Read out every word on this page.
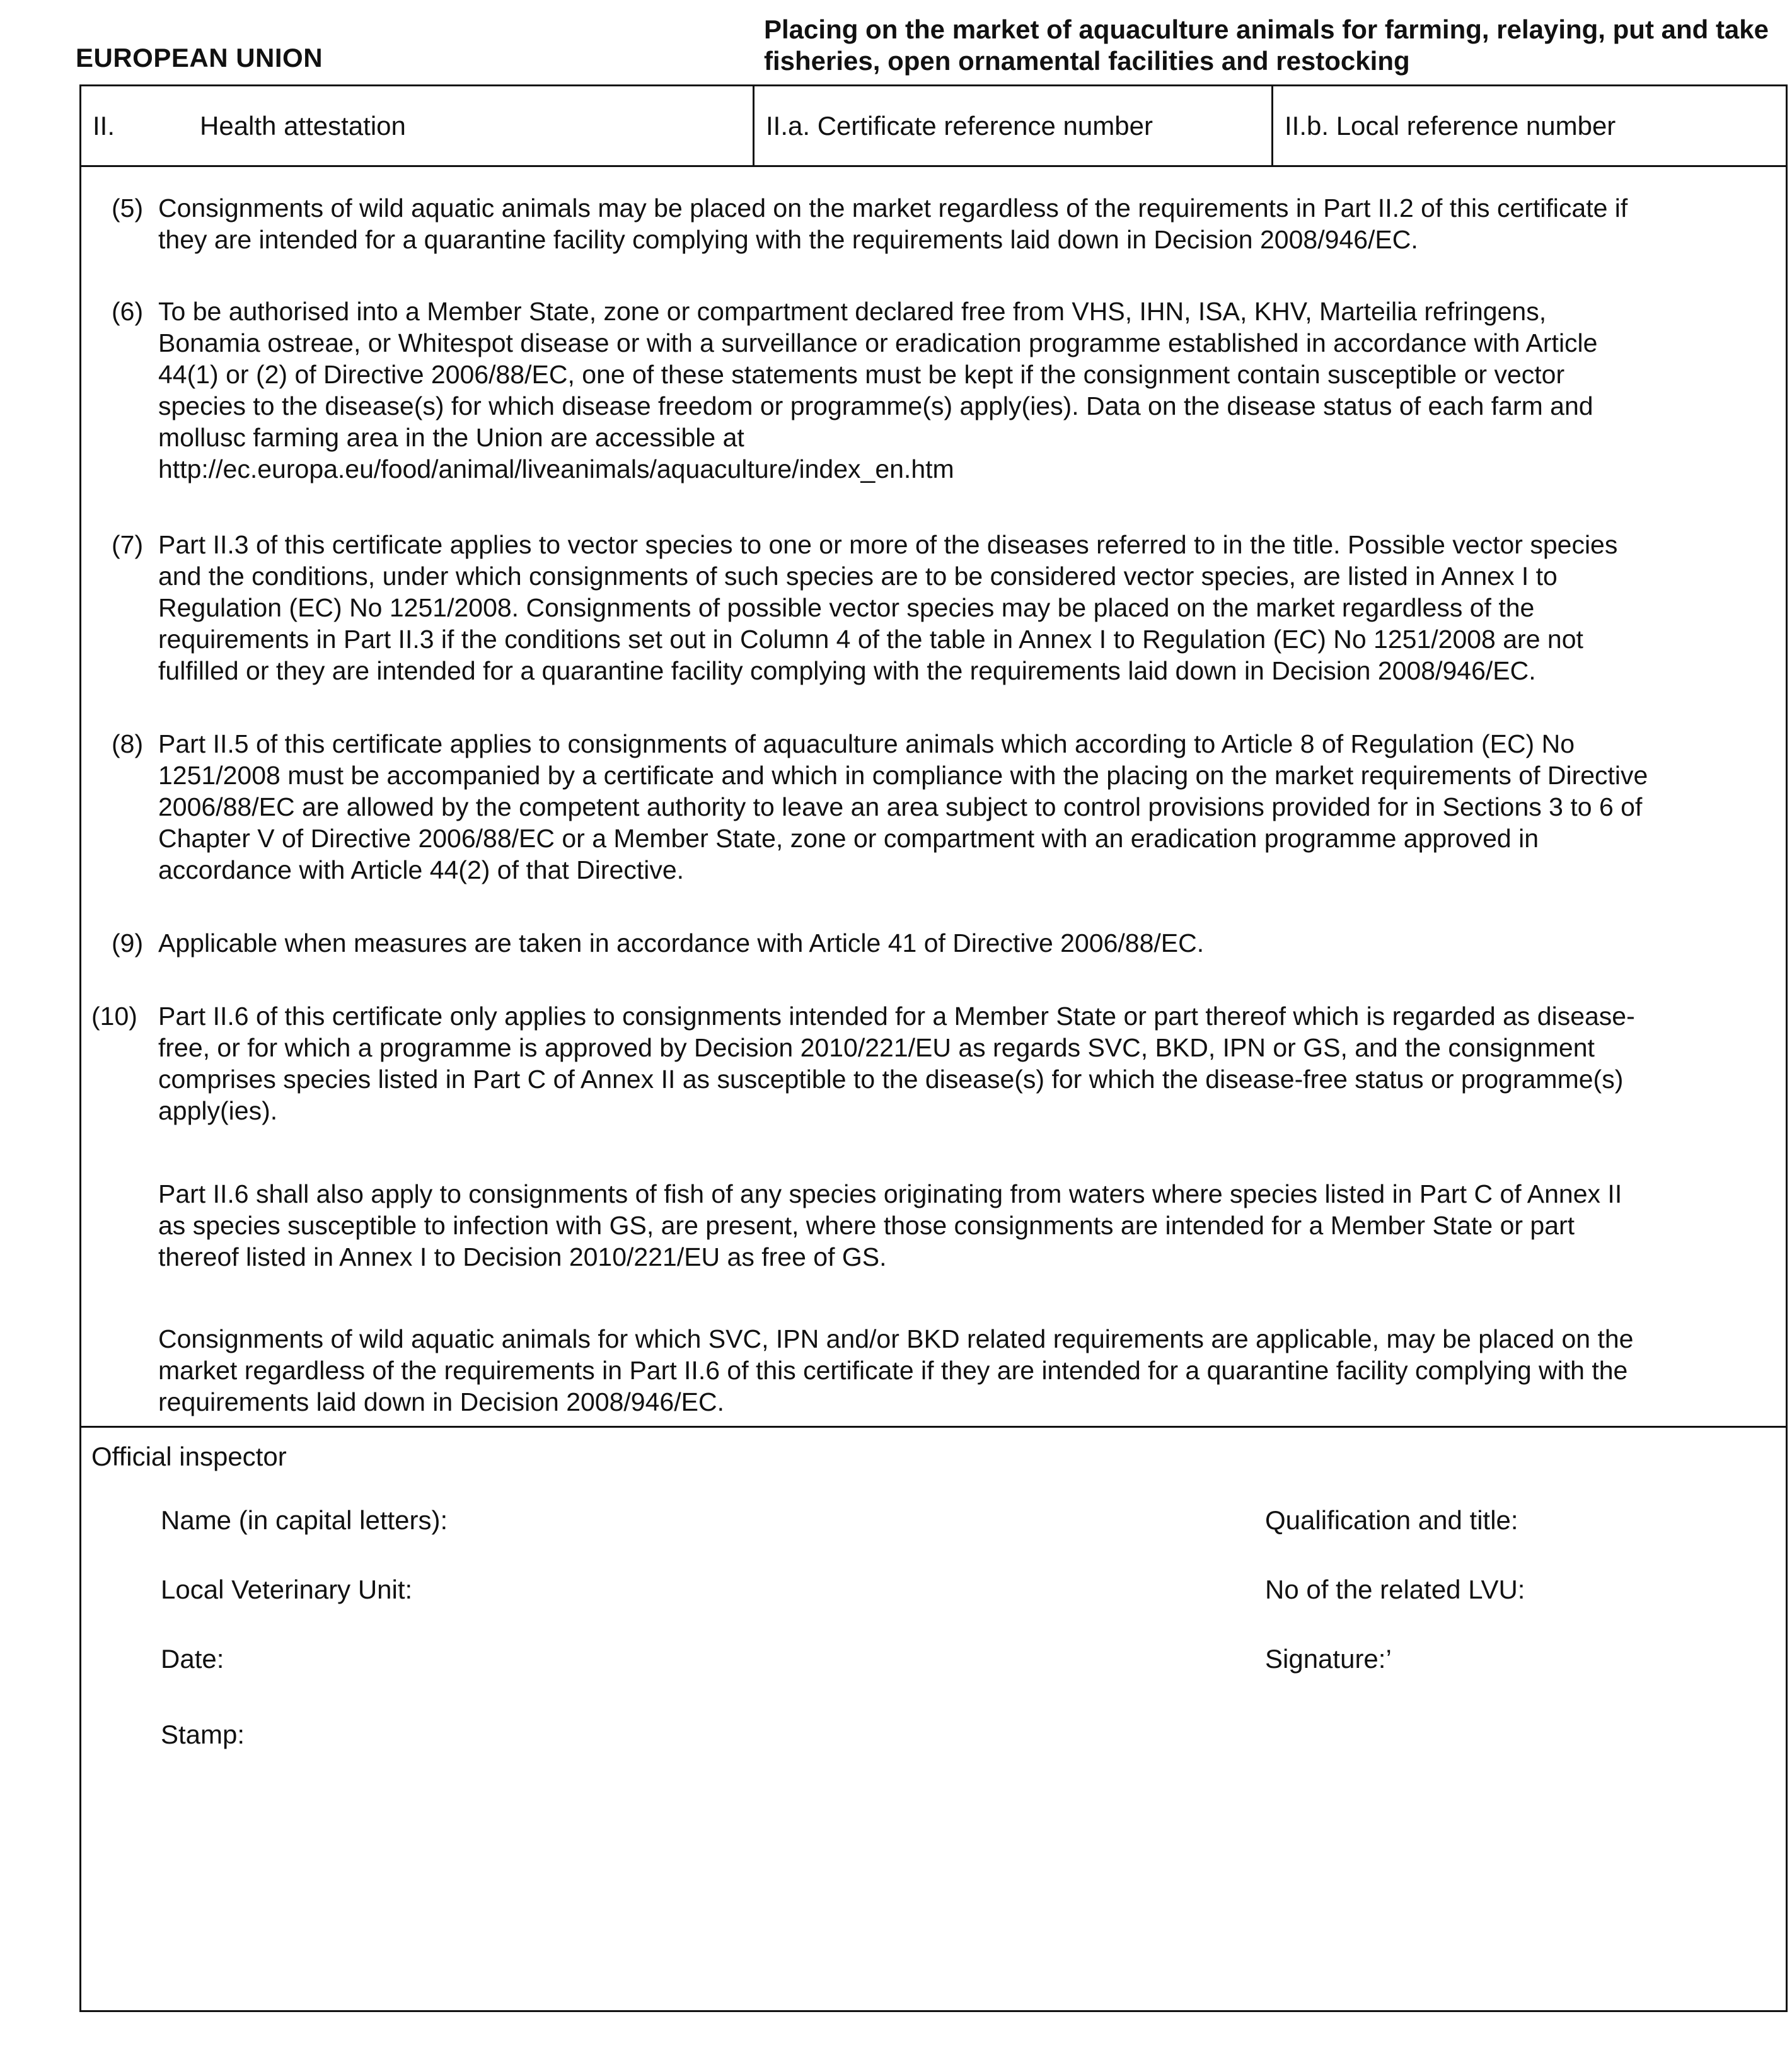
EUROPEAN UNION
Placing on the market of aquaculture animals for farming, relaying, put and take fisheries, open ornamental facilities and restocking
II.	Health attestation	II.a. Certificate reference number	II.b. Local reference number
(5) Consignments of wild aquatic animals may be placed on the market regardless of the requirements in Part II.2 of this certificate if
they are intended for a quarantine facility complying with the requirements laid down in Decision 2008/946/EC.
(6) To be authorised into a Member State, zone or compartment declared free from VHS, IHN, ISA, KHV, Marteilia refringens,
Bonamia ostreae, or Whitespot disease or with a surveillance or eradication programme established in accordance with Article
44(1) or (2) of Directive 2006/88/EC, one of these statements must be kept if the consignment contain susceptible or vector
species to the disease(s) for which disease freedom or programme(s) apply(ies). Data on the disease status of each farm and
mollusc farming area in the Union are accessible at
http://ec.europa.eu/food/animal/liveanimals/aquaculture/index_en.htm
(7) Part II.3 of this certificate applies to vector species to one or more of the diseases referred to in the title. Possible vector species
and the conditions, under which consignments of such species are to be considered vector species, are listed in Annex I to
Regulation (EC) No 1251/2008. Consignments of possible vector species may be placed on the market regardless of the
requirements in Part II.3 if the conditions set out in Column 4 of the table in Annex I to Regulation (EC) No 1251/2008 are not
fulfilled or they are intended for a quarantine facility complying with the requirements laid down in Decision 2008/946/EC.
(8) Part II.5 of this certificate applies to consignments of aquaculture animals which according to Article 8 of Regulation (EC) No
1251/2008 must be accompanied by a certificate and which in compliance with the placing on the market requirements of Directive
2006/88/EC are allowed by the competent authority to leave an area subject to control provisions provided for in Sections 3 to 6 of
Chapter V of Directive 2006/88/EC or a Member State, zone or compartment with an eradication programme approved in
accordance with Article 44(2) of that Directive.
(9) Applicable when measures are taken in accordance with Article 41 of Directive 2006/88/EC.
(10) Part II.6 of this certificate only applies to consignments intended for a Member State or part thereof which is regarded as disease-
free, or for which a programme is approved by Decision 2010/221/EU as regards SVC, BKD, IPN or GS, and the consignment
comprises species listed in Part C of Annex II as susceptible to the disease(s) for which the disease-free status or programme(s)
apply(ies).
Part II.6 shall also apply to consignments of fish of any species originating from waters where species listed in Part C of Annex II
as species susceptible to infection with GS, are present, where those consignments are intended for a Member State or part
thereof listed in Annex I to Decision 2010/221/EU as free of GS.
Consignments of wild aquatic animals for which SVC, IPN and/or BKD related requirements are applicable, may be placed on the
market regardless of the requirements in Part II.6 of this certificate if they are intended for a quarantine facility complying with the
requirements laid down in Decision 2008/946/EC.
Official inspector
Name (in capital letters):	Qualification and title:
Local Veterinary Unit:	No of the related LVU:
Date:	Signature:’
Stamp:
